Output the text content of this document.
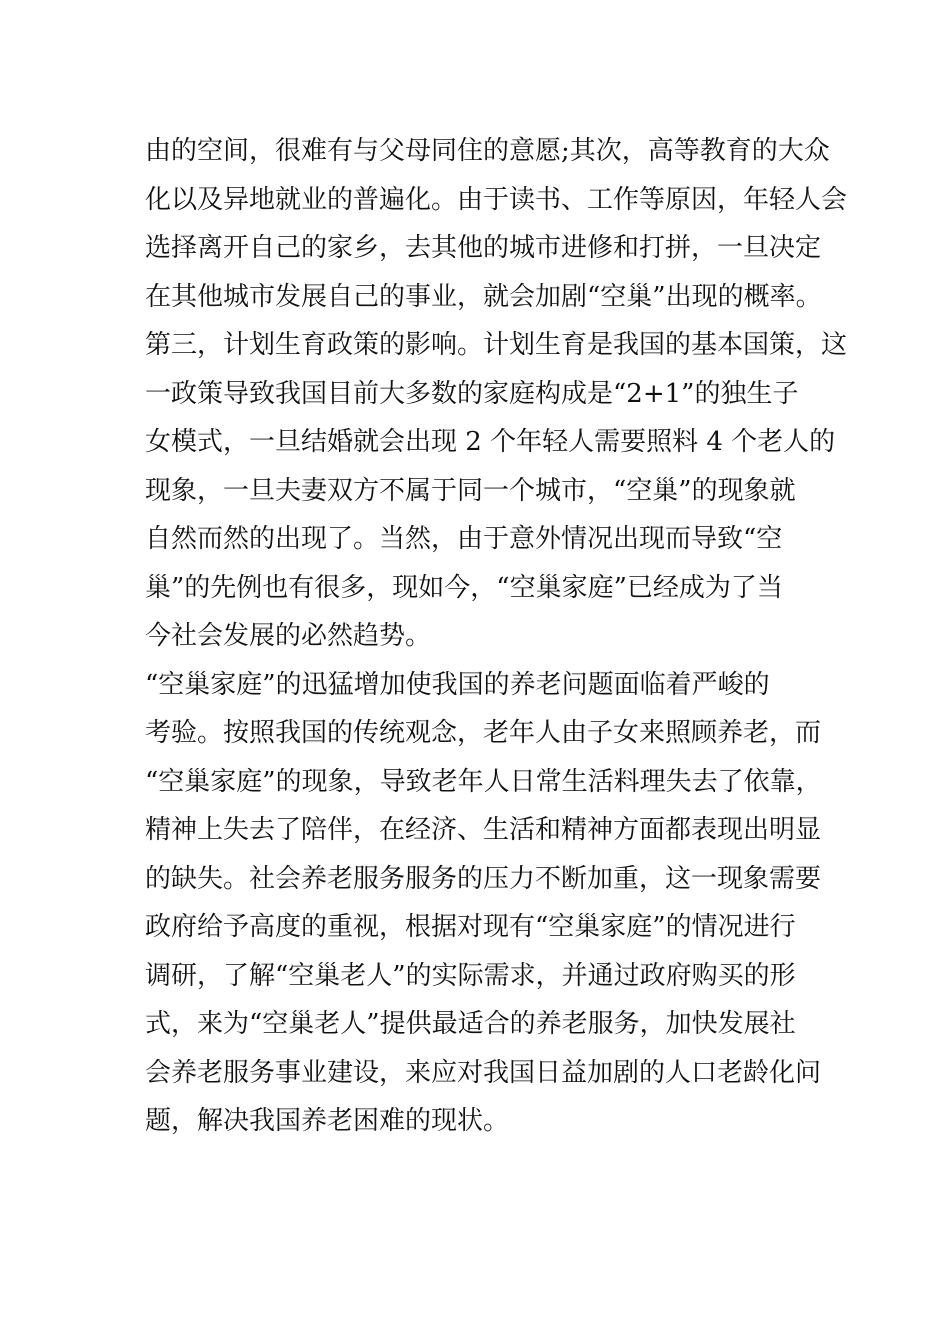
由的空间，很难有与父母同住的意愿;其次，高等教育的大众
化以及异地就业的普遍化。由于读书、工作等原因，年轻人会
选择离开自己的家乡，去其他的城市进修和打拼，一旦决定
在其他城市发展自己的事业，就会加剧“空巢”出现的概率。
第三，计划生育政策的影响。计划生育是我国的基本国策，这
一政策导致我国目前大多数的家庭构成是“2+1”的独生子
女模式，一旦结婚就会出现 2 个年轻人需要照料 4 个老人的
现象，一旦夫妻双方不属于同一个城市，“空巢”的现象就
自然而然的出现了。当然，由于意外情况出现而导致“空
巢”的先例也有很多，现如今，“空巢家庭”已经成为了当
今社会发展的必然趋势。
“空巢家庭”的迅猛增加使我国的养老问题面临着严峻的
考验。按照我国的传统观念，老年人由子女来照顾养老，而
“空巢家庭”的现象，导致老年人日常生活料理失去了依靠，
精神上失去了陪伴，在经济、生活和精神方面都表现出明显
的缺失。社会养老服务服务的压力不断加重，这一现象需要
政府给予高度的重视，根据对现有“空巢家庭”的情况进行
调研，了解“空巢老人”的实际需求，并通过政府购买的形
式，来为“空巢老人”提供最适合的养老服务，加快发展社
会养老服务事业建设，来应对我国日益加剧的人口老龄化问
题，解决我国养老困难的现状。
